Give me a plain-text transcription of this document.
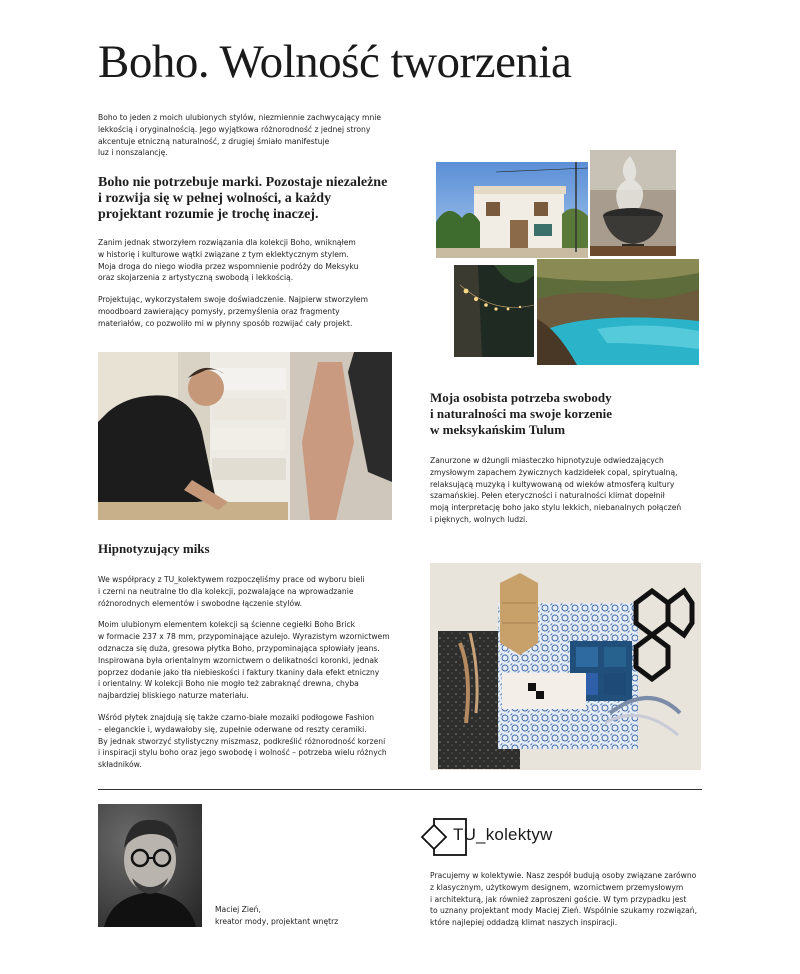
Boho. Wolność tworzenia
Boho to jeden z moich ulubionych stylów, niezmiennie zachwycający mnie
lekkością i oryginalnością. Jego wyjątkowa różnorodność z jednej strony
akcentuje etniczną naturalność, z drugiej śmiało manifestuje
luz i nonszalancję.
Boho nie potrzebuje marki. Pozostaje niezależne
i rozwija się w pełnej wolności, a każdy
projektant rozumie je trochę inaczej.

Zanim jednak stworzyłem rozwiązania dla kolekcji Boho, wniknąłem
w historię i kulturowe wątki związane z tym eklektycznym stylem.
Moja droga do niego wiodła przez wspomnienie podróży do Meksyku
oraz skojarzenia z artystyczną swobodą i lekkością.

Projektując, wykorzystałem swoje doświadczenie. Najpierw stworzyłem
moodboard zawierający pomysły, przemyślenia oraz fragmenty
materiałów, co pozwoliło mi w płynny sposób rozwijać cały projekt.

Moja osobista potrzeba swobody
i naturalności ma swoje korzenie
w meksykańskim Tulum
Zanurzone w dżungli miasteczko hipnotyzuje odwiedzających
zmysłowym zapachem żywicznych kadzidełek copal, spirytualną,
relaksującą muzyką i kultywowaną od wieków atmosferą kultury
szamańskiej. Pełen eteryczności i naturalności klimat dopełnił
moją interpretację boho jako stylu lekkich, niebanalnych połączeń
i pięknych, wolnych ludzi.
Hipnotyzujący miks

We współpracy z TU_kolektywem rozpoczęliśmy prace od wyboru bieli
i czerni na neutralne tło dla kolekcji, pozwalające na wprowadzanie
różnorodnych elementów i swobodne łączenie stylów.

Moim ulubionym elementem kolekcji są ścienne cegiełki Boho Brick
w formacie 237 x 78 mm, przypominające azulejo. Wyrazistym wzornictwem
odznacza się duża, gresowa płytka Boho, przypominająca spłowiały jeans.
Inspirowana była orientalnym wzornictwem o delikatności koronki, jednak
poprzez dodanie jako tła niebieskości i faktury tkaniny dała efekt etniczny
i orientalny. W kolekcji Boho nie mogło też zabraknąć drewna, chyba
najbardziej bliskiego naturze materiału.

Wśród płytek znajdują się także czarno-białe mozaiki podłogowe Fashion
– eleganckie i, wydawałoby się, zupełnie oderwane od reszty ceramiki.
By jednak stworzyć stylistyczny miszmasz, podkreślić różnorodność korzeni
i inspiracji stylu boho oraz jego swobodę i wolność – potrzeba wielu różnych
składników.

Maciej Zień,
kreator mody, projektant wnętrz
TU_kolektyw
Pracujemy w kolektywie. Nasz zespół budują osoby związane zarówno
z klasycznym, użytkowym designem, wzornictwem przemysłowym
i architekturą, jak również zaproszeni goście. W tym przypadku jest
to uznany projektant mody Maciej Zień. Wspólnie szukamy rozwiązań,
które najlepiej oddadzą klimat naszych inspiracji.
